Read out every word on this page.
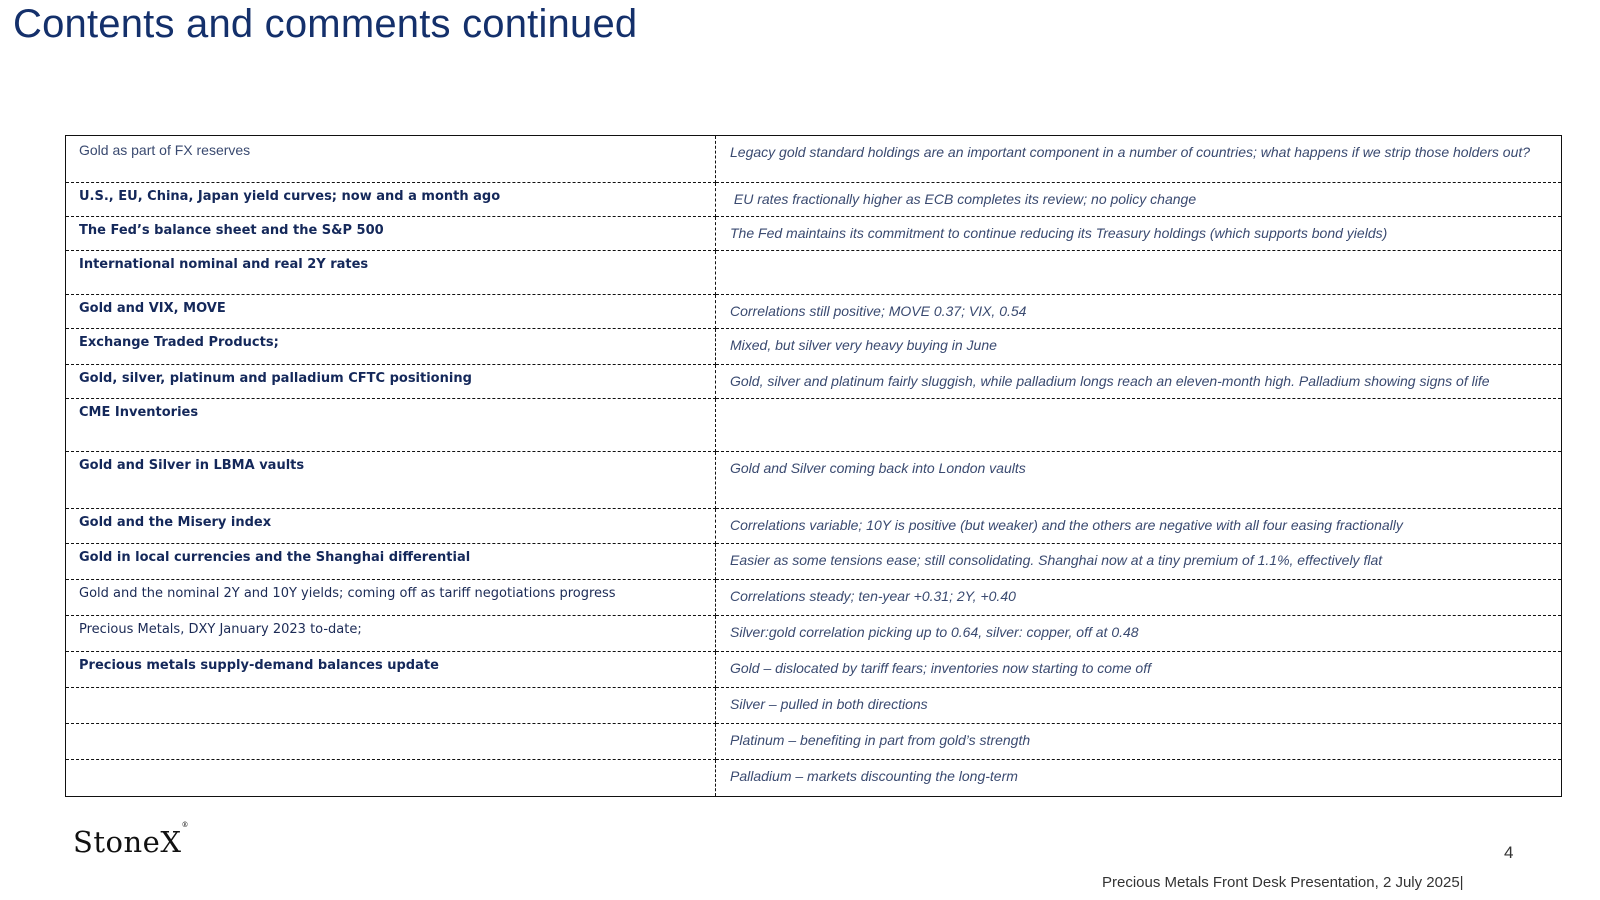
Contents and comments continued
Gold as part of FX reserves	Legacy gold standard holdings are an important component in a number of countries; what happens if we strip those holders out?
U.S., EU, China, Japan yield curves; now and a month ago	EU rates fractionally higher as ECB completes its review; no policy change
The Fed’s balance sheet and the S&P 500	The Fed maintains its commitment to continue reducing its Treasury holdings (which supports bond yields)
International nominal and real 2Y rates	
Gold and VIX, MOVE	Correlations still positive; MOVE 0.37; VIX, 0.54
Exchange Traded Products;	Mixed, but silver very heavy buying in June
Gold, silver, platinum and palladium CFTC positioning	Gold, silver and platinum fairly sluggish, while palladium longs reach an eleven-month high. Palladium showing signs of life
CME Inventories	
Gold and Silver in LBMA vaults	Gold and Silver coming back into London vaults
Gold and the Misery index	Correlations variable; 10Y is positive (but weaker) and the others are negative with all four easing fractionally
Gold in local currencies and the Shanghai differential	Easier as some tensions ease; still consolidating. Shanghai now at a tiny premium of 1.1%, effectively flat
Gold and the nominal 2Y and 10Y yields; coming off as tariff negotiations progress	Correlations steady; ten-year +0.31; 2Y, +0.40
Precious Metals, DXY January 2023 to-date;	Silver:gold correlation picking up to 0.64, silver: copper, off at 0.48
Precious metals supply-demand balances update	Gold – dislocated by tariff fears; inventories now starting to come off
	Silver – pulled in both directions
	Platinum – benefiting in part from gold’s strength
	Palladium – markets discounting the long-term
StoneX®
4
Precious Metals Front Desk Presentation, 2 July 2025|
